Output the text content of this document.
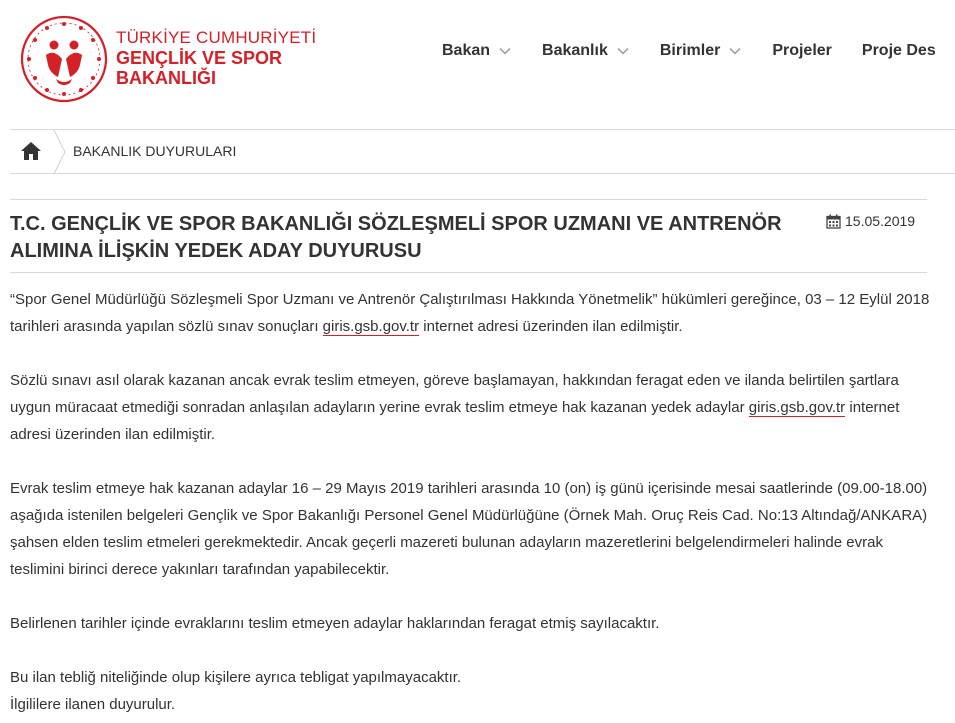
TÜRKİYE CUMHURİYETİ
GENÇLİK VE SPOR
BAKANLIĞI
Bakan	Bakanlık	Birimler	Projeler Proje Des
BAKANLIK DUYURULARI
T.C. GENÇLİK VE SPOR BAKANLIĞI SÖZLEŞMELİ SPOR UZMANI VE ANTRENÖR ALIMINA İLİŞKİN YEDEK ADAY DUYURUSU
15.05.2019

“Spor Genel Müdürlüğü Sözleşmeli Spor Uzmanı ve Antrenör Çalıştırılması Hakkında Yönetmelik” hükümleri gereğince, 03 – 12 Eylül 2018 tarihleri arasında yapılan sözlü sınav sonuçları giris.gsb.gov.tr internet adresi üzerinden ilan edilmiştir.

Sözlü sınavı asıl olarak kazanan ancak evrak teslim etmeyen, göreve başlamayan, hakkından feragat eden ve ilanda belirtilen şartlara uygun müracaat etmediği sonradan anlaşılan adayların yerine evrak teslim etmeye hak kazanan yedek adaylar giris.gsb.gov.tr internet adresi üzerinden ilan edilmiştir.

Evrak teslim etmeye hak kazanan adaylar 16 – 29 Mayıs 2019 tarihleri arasında 10 (on) iş günü içerisinde mesai saatlerinde (09.00-18.00) aşağıda istenilen belgeleri Gençlik ve Spor Bakanlığı Personel Genel Müdürlüğüne (Örnek Mah. Oruç Reis Cad. No:13 Altındağ/ANKARA) şahsen elden teslim etmeleri gerekmektedir. Ancak geçerli mazereti bulunan adayların mazeretlerini belgelendirmeleri halinde evrak teslimini birinci derece yakınları tarafından yapabilecektir.

Belirlenen tarihler içinde evraklarını teslim etmeyen adaylar haklarından feragat etmiş sayılacaktır.

Bu ilan tebliğ niteliğinde olup kişilere ayrıca tebligat yapılmayacaktır.

İlgililere ilanen duyurulur.
